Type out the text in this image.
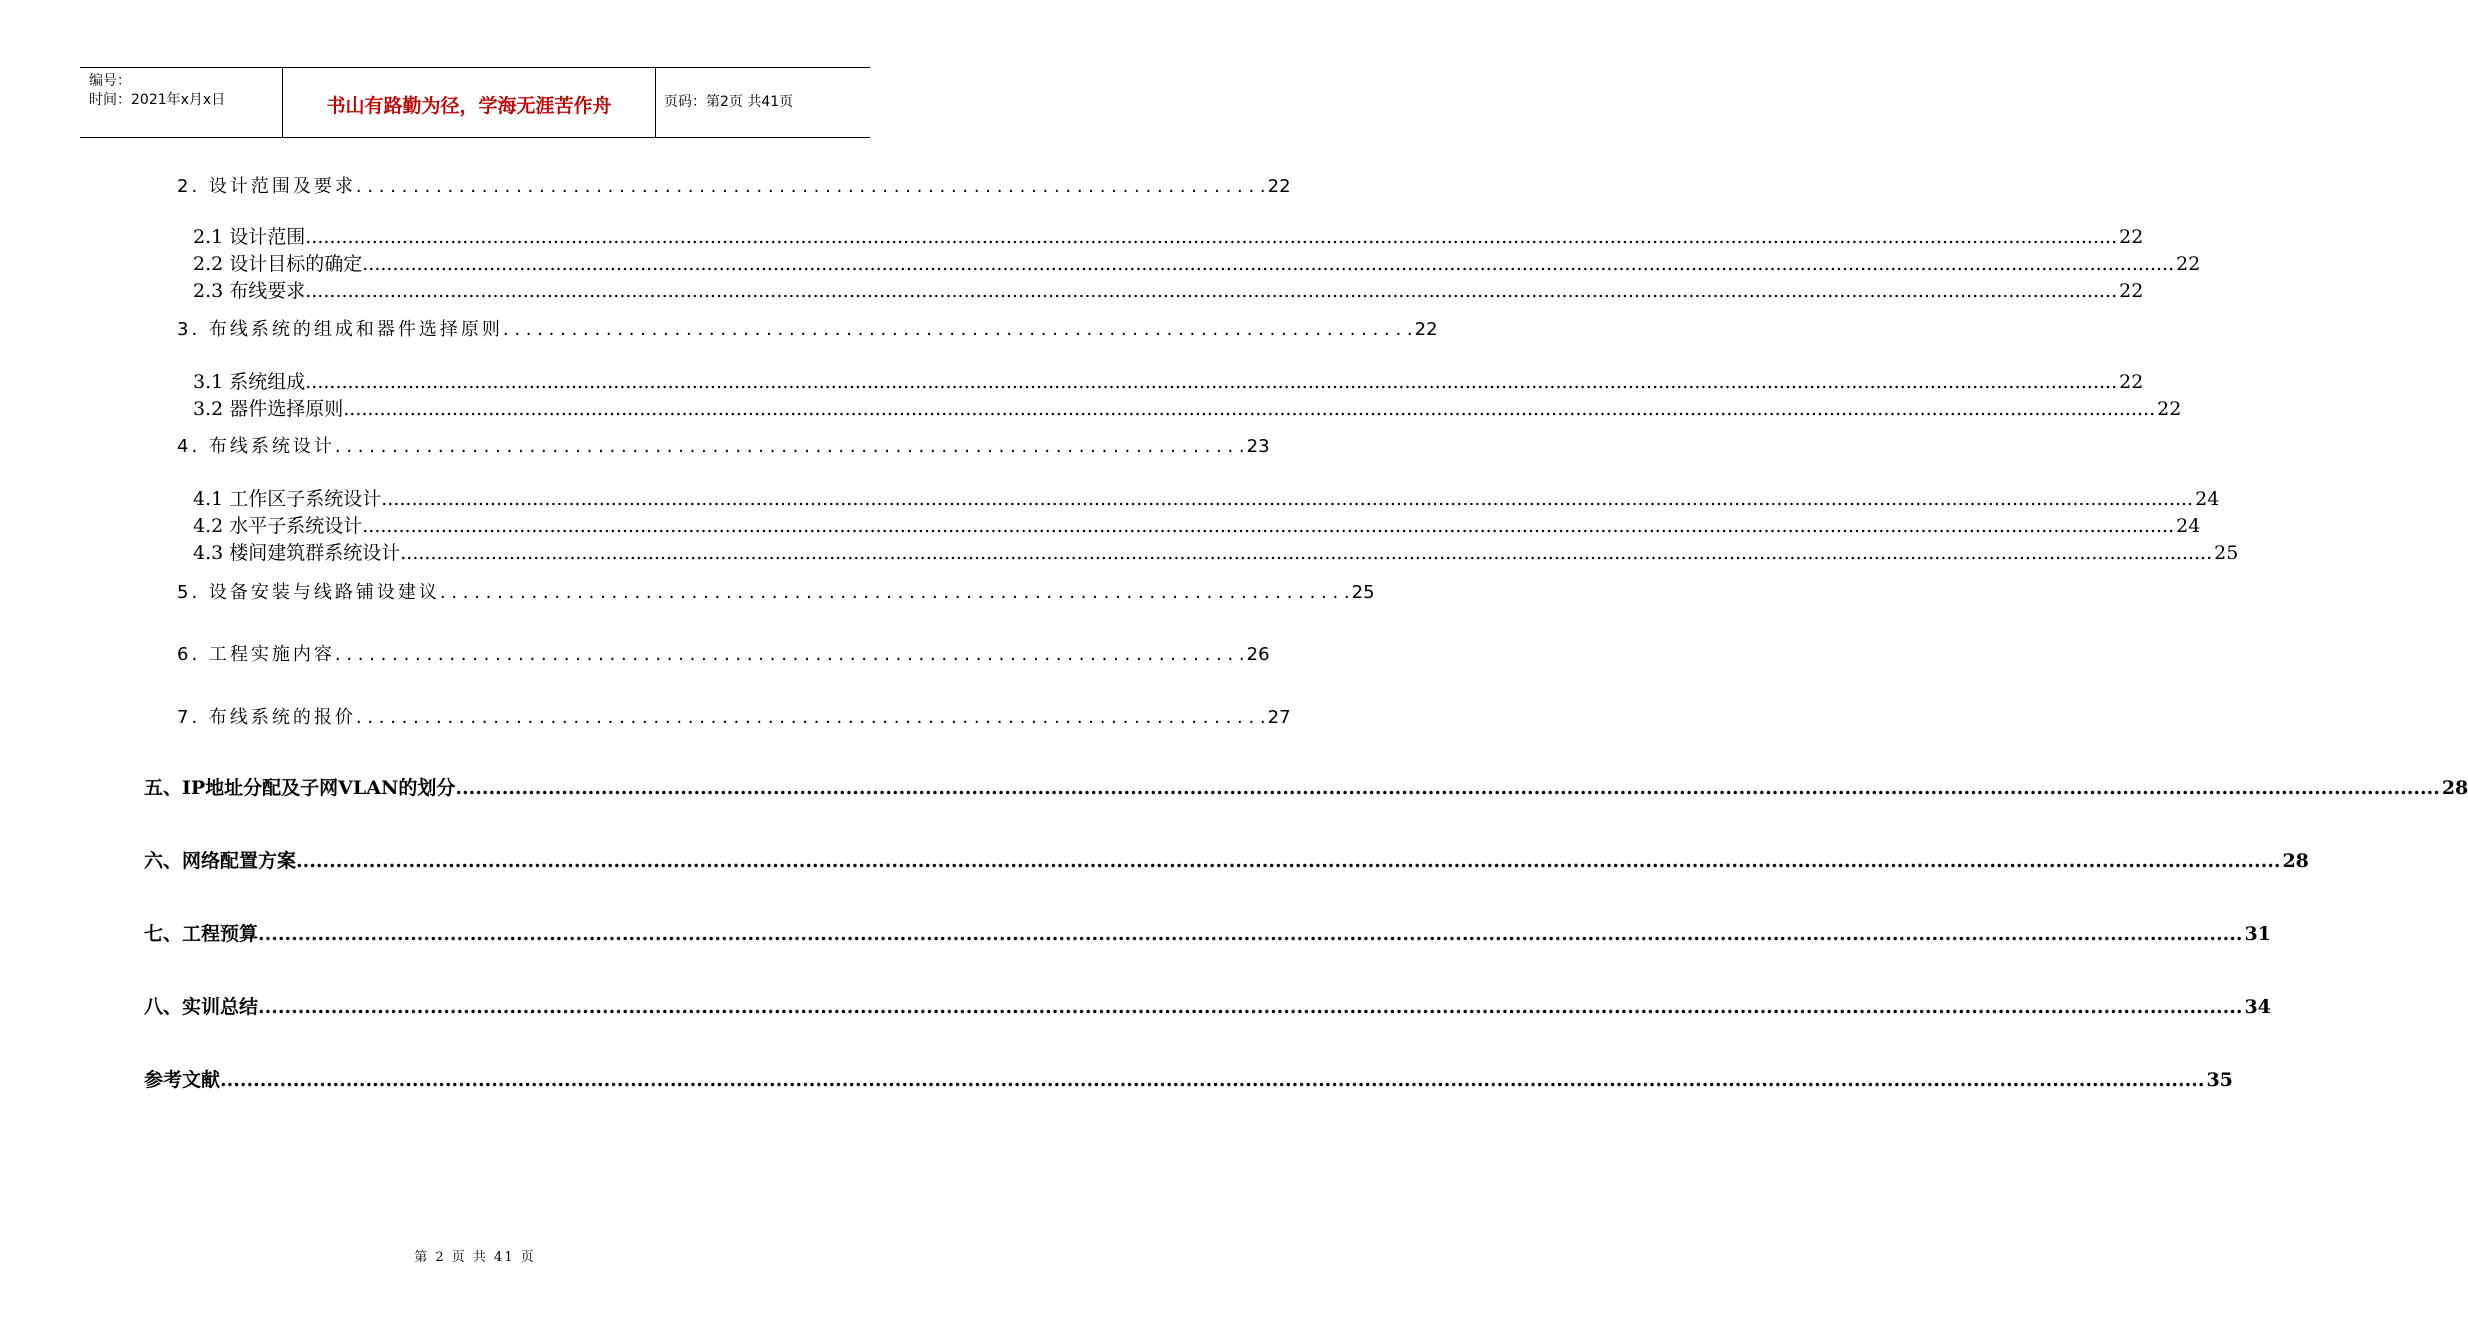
编号：
时间：2021年x月x日	书山有路勤为径，学海无涯苦作舟	页码：第2页 共41页
2. 设计范围及要求 . . . . . . . . . . . . . . . . . . . . . . . . . . . . . . . . . . . . . . . . . . . . . . . . . . . . . . . . . . . . . . . . . . . . . . . . . . . . . . . . 22
2.1 设计范围 ............................................................................................................................................................................................................................................................................................................ 22
2.2 设计目标的确定 ............................................................................................................................................................................................................................................................................................................ 22
2.3 布线要求 ............................................................................................................................................................................................................................................................................................................ 22
3. 布线系统的组成和器件选择原则 . . . . . . . . . . . . . . . . . . . . . . . . . . . . . . . . . . . . . . . . . . . . . . . . . . . . . . . . . . . . . . . . . . . . . . . . . . . . . . . . 22
3.1 系统组成 ............................................................................................................................................................................................................................................................................................................ 22
3.2 器件选择原则 ............................................................................................................................................................................................................................................................................................................ 22
4. 布线系统设计 . . . . . . . . . . . . . . . . . . . . . . . . . . . . . . . . . . . . . . . . . . . . . . . . . . . . . . . . . . . . . . . . . . . . . . . . . . . . . . . . 23
4.1 工作区子系统设计 ............................................................................................................................................................................................................................................................................................................ 24
4.2 水平子系统设计 ............................................................................................................................................................................................................................................................................................................ 24
4.3 楼间建筑群系统设计 ............................................................................................................................................................................................................................................................................................................ 25
5. 设备安装与线路铺设建议 . . . . . . . . . . . . . . . . . . . . . . . . . . . . . . . . . . . . . . . . . . . . . . . . . . . . . . . . . . . . . . . . . . . . . . . . . . . . . . . . 25
6. 工程实施内容 . . . . . . . . . . . . . . . . . . . . . . . . . . . . . . . . . . . . . . . . . . . . . . . . . . . . . . . . . . . . . . . . . . . . . . . . . . . . . . . . 26
7. 布线系统的报价 . . . . . . . . . . . . . . . . . . . . . . . . . . . . . . . . . . . . . . . . . . . . . . . . . . . . . . . . . . . . . . . . . . . . . . . . . . . . . . . . 27
五、IP地址分配及子网VLAN的划分 ............................................................................................................................................................................................................................................................................................................ 28
六、网络配置方案 ............................................................................................................................................................................................................................................................................................................ 28
七、工程预算 ............................................................................................................................................................................................................................................................................................................ 31
八、实训总结 ............................................................................................................................................................................................................................................................................................................ 34
参考文献 ............................................................................................................................................................................................................................................................................................................ 35
第 2 页 共 41 页
